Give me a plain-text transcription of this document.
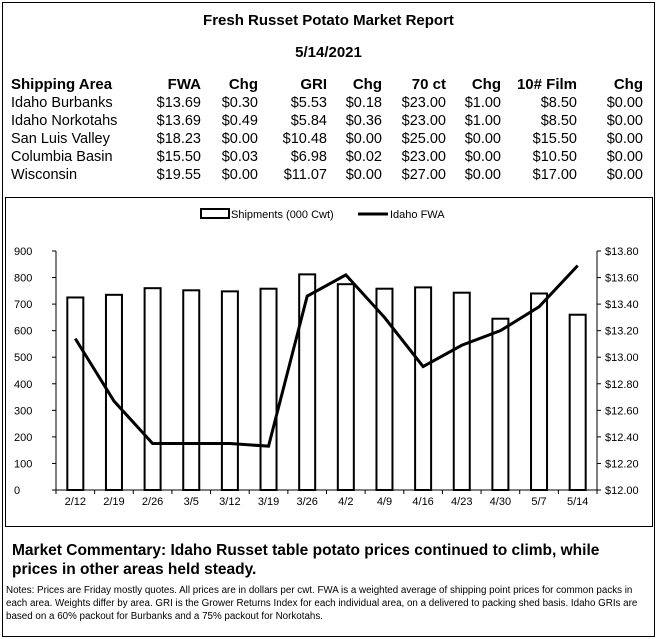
Fresh Russet Potato Market Report
5/14/2021
Shipping Area	FWA	Chg	GRI	Chg	70 ct	Chg	10# Film	Chg
Idaho Burbanks	$13.69	$0.30	$5.53	$0.18	$23.00	$1.00	$8.50	$0.00
Idaho Norkotahs	$13.69	$0.49	$5.84	$0.36	$23.00	$1.00	$8.50	$0.00
San Luis Valley	$18.23	$0.00	$10.48	$0.00	$25.00	$0.00	$15.50	$0.00
Columbia Basin	$15.50	$0.03	$6.98	$0.02	$23.00	$0.00	$10.50	$0.00
Wisconsin	$19.55	$0.00	$11.07	$0.00	$27.00	$0.00	$17.00	$0.00
0
100
200
300
400
500
600
700
800
900
$12.00
$12.20
$12.40
$12.60
$12.80
$13.00
$13.20
$13.40
$13.60
$13.80
2/12 2/19 2/26 3/5 3/12 3/19 3/26 4/2 4/9 4/16 4/23 4/30 5/7 5/14
Shipments (000 Cwt)	Idaho FWA
Market Commentary: Idaho Russet table potato prices continued to climb, while prices in other areas held steady.
Notes: Prices are Friday mostly quotes. All prices are in dollars per cwt. FWA is a weighted average of shipping point prices for common packs in each area. Weights differ by area. GRI is the Grower Returns Index for each individual area, on a delivered to packing shed basis. Idaho GRIs are based on a 60% packout for Burbanks and a 75% packout for Norkotahs.
